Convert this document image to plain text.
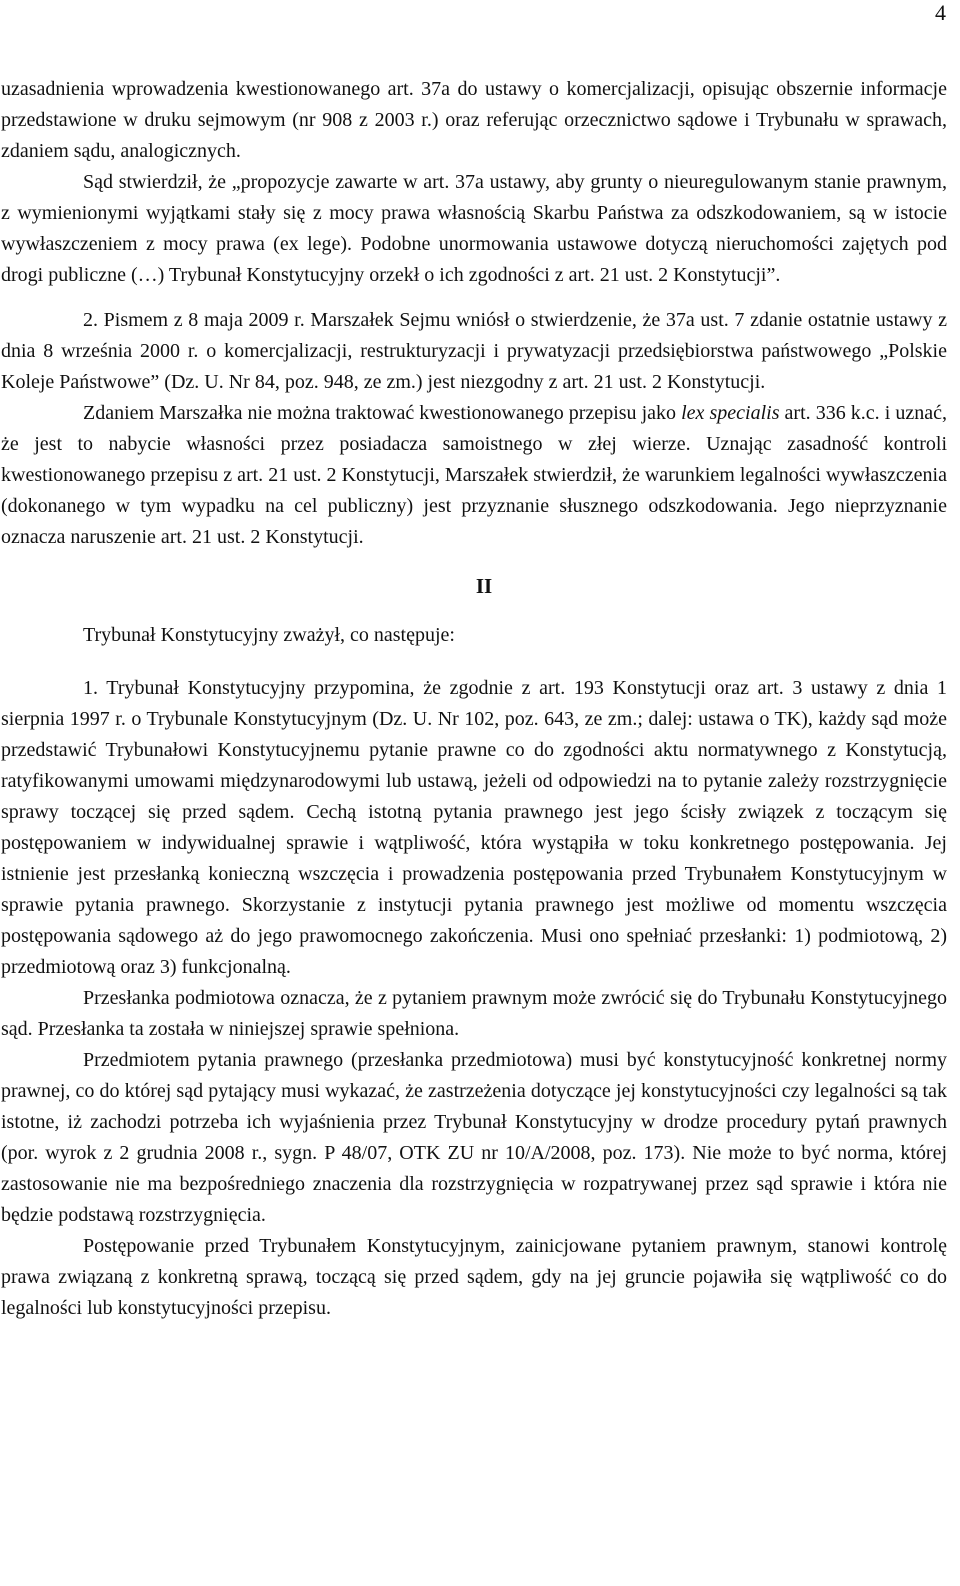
4

uzasadnienia wprowadzenia kwestionowanego art. 37a do ustawy o komercjalizacji, opisując obszernie informacje przedstawione w druku sejmowym (nr 908 z 2003 r.) oraz referując orzecznictwo sądowe i Trybunału w sprawach, zdaniem sądu, analogicznych.

Sąd stwierdził, że „propozycje zawarte w art. 37a ustawy, aby grunty o nieuregulowanym stanie prawnym, z wymienionymi wyjątkami stały się z mocy prawa własnością Skarbu Państwa za odszkodowaniem, są w istocie wywłaszczeniem z mocy prawa (ex lege). Podobne unormowania ustawowe dotyczą nieruchomości zajętych pod drogi publiczne (…) Trybunał Konstytucyjny orzekł o ich zgodności z art. 21 ust. 2 Konstytucji”.

2. Pismem z 8 maja 2009 r. Marszałek Sejmu wniósł o stwierdzenie, że 37a ust. 7 zdanie ostatnie ustawy z dnia 8 września 2000 r. o komercjalizacji, restrukturyzacji i prywatyzacji przedsiębiorstwa państwowego „Polskie Koleje Państwowe” (Dz. U. Nr 84, poz. 948, ze zm.) jest niezgodny z art. 21 ust. 2 Konstytucji.

Zdaniem Marszałka nie można traktować kwestionowanego przepisu jako lex specialis art. 336 k.c. i uznać, że jest to nabycie własności przez posiadacza samoistnego w złej wierze. Uznając zasadność kontroli kwestionowanego przepisu z art. 21 ust. 2 Konstytucji, Marszałek stwierdził, że warunkiem legalności wywłaszczenia (dokonanego w tym wypadku na cel publiczny) jest przyznanie słusznego odszkodowania. Jego nieprzyznanie oznacza naruszenie art. 21 ust. 2 Konstytucji.

II

Trybunał Konstytucyjny zważył, co następuje:

1. Trybunał Konstytucyjny przypomina, że zgodnie z art. 193 Konstytucji oraz art. 3 ustawy z dnia 1 sierpnia 1997 r. o Trybunale Konstytucyjnym (Dz. U. Nr 102, poz. 643, ze zm.; dalej: ustawa o TK), każdy sąd może przedstawić Trybunałowi Konstytucyjnemu pytanie prawne co do zgodności aktu normatywnego z Konstytucją, ratyfikowanymi umowami międzynarodowymi lub ustawą, jeżeli od odpowiedzi na to pytanie zależy rozstrzygnięcie sprawy toczącej się przed sądem. Cechą istotną pytania prawnego jest jego ścisły związek z toczącym się postępowaniem w indywidualnej sprawie i wątpliwość, która wystąpiła w toku konkretnego postępowania. Jej istnienie jest przesłanką konieczną wszczęcia i prowadzenia postępowania przed Trybunałem Konstytucyjnym w sprawie pytania prawnego. Skorzystanie z instytucji pytania prawnego jest możliwe od momentu wszczęcia postępowania sądowego aż do jego prawomocnego zakończenia. Musi ono spełniać przesłanki: 1) podmiotową, 2) przedmiotową oraz 3) funkcjonalną.

Przesłanka podmiotowa oznacza, że z pytaniem prawnym może zwrócić się do Trybunału Konstytucyjnego sąd. Przesłanka ta została w niniejszej sprawie spełniona.

Przedmiotem pytania prawnego (przesłanka przedmiotowa) musi być konstytucyjność konkretnej normy prawnej, co do której sąd pytający musi wykazać, że zastrzeżenia dotyczące jej konstytucyjności czy legalności są tak istotne, iż zachodzi potrzeba ich wyjaśnienia przez Trybunał Konstytucyjny w drodze procedury pytań prawnych (por. wyrok z 2 grudnia 2008 r., sygn. P 48/07, OTK ZU nr 10/A/2008, poz. 173). Nie może to być norma, której zastosowanie nie ma bezpośredniego znaczenia dla rozstrzygnięcia w rozpatrywanej przez sąd sprawie i która nie będzie podstawą rozstrzygnięcia.

Postępowanie przed Trybunałem Konstytucyjnym, zainicjowane pytaniem prawnym, stanowi kontrolę prawa związaną z konkretną sprawą, toczącą się przed sądem, gdy na jej gruncie pojawiła się wątpliwość co do legalności lub konstytucyjności przepisu.
